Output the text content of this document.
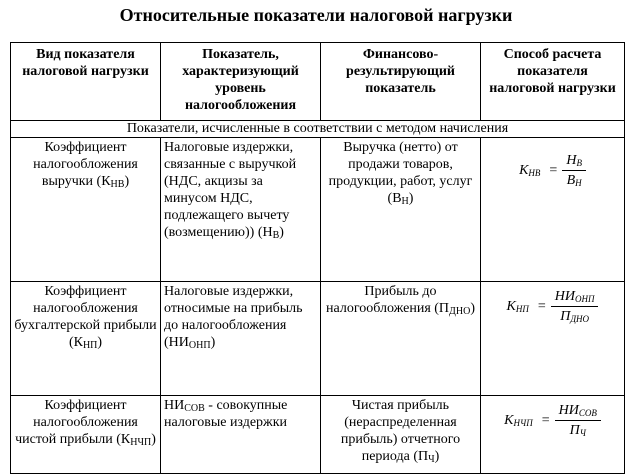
Относительные показатели налоговой нагрузки
Вид показателя налоговой нагрузки	Показатель, характеризующий уровень налогообложения	Финансово-результирующий показатель	Способ расчета показателя налоговой нагрузки
Показатели, исчисленные в соответствии с методом начисления			
Коэффициент налогообложения выручки $(К_{НВ})$	Налоговые издержки, связанные с выручкой (НДС, акцизы за минусом НДС, подлежащего вычету (возмещению)) $(Н_В)$	Выручка (нетто) от продажи товаров, продукции, работ, услуг $(В_Н)$	$K_{НВ} = \frac{Н_В}{В_Н}$

Коэффициент налогообложения бухгалтерской прибыли $(К_{НП})$	Налоговые издержки, относимые на прибыль до налогообложения $(НИ_{ОНП})$	Прибыль до налогообложения $(П_{ДНО})$	$K_{НП} = \frac{НИ_{ОНП}}{П_{ДНО}}$

Коэффициент налогообложения чистой прибыли $(К_{НЧП})$	$НИ_{СОВ}$ - совокупные налоговые издержки	Чистая прибыль (нераспределенная прибыль) отчетного периода $(П_Ч)$	$K_{НЧП} = \frac{НИ_{СОВ}}{П_Ч}$
